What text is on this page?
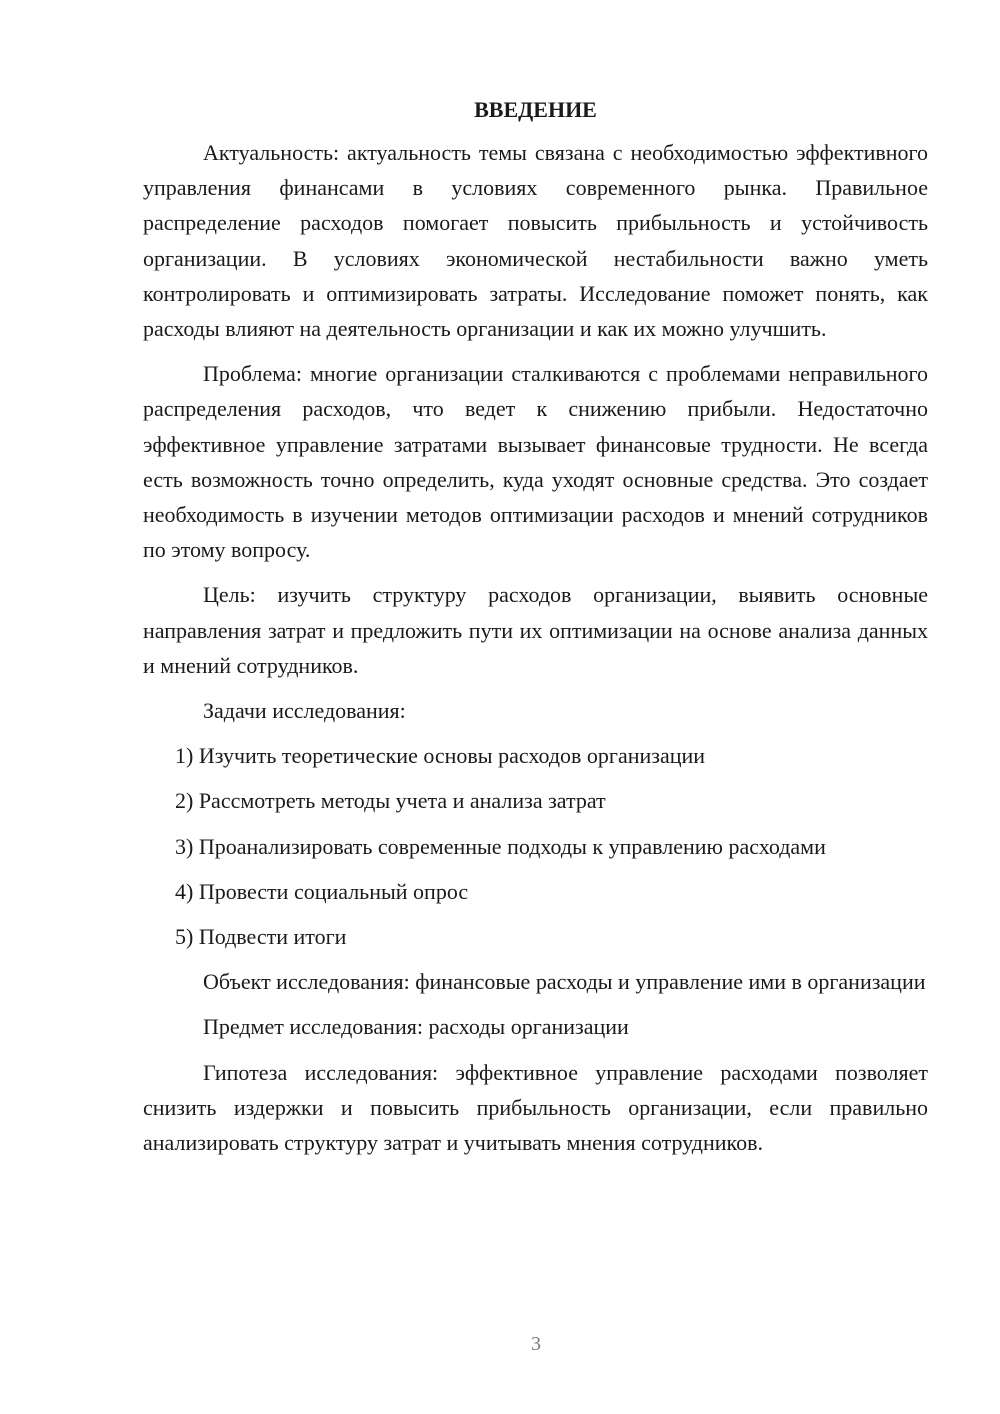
ВВЕДЕНИЕ

Актуальность: актуальность темы связана с необходимостью эффективного управления финансами в условиях современного рынка. Правильное распределение расходов помогает повысить прибыльность и устойчивость организации. В условиях экономической нестабильности важно уметь контролировать и оптимизировать затраты. Исследование поможет понять, как расходы влияют на деятельность организации и как их можно улучшить.

Проблема: многие организации сталкиваются с проблемами неправильного распределения расходов, что ведет к снижению прибыли. Недостаточно эффективное управление затратами вызывает финансовые трудности. Не всегда есть возможность точно определить, куда уходят основные средства. Это создает необходимость в изучении методов оптимизации расходов и мнений сотрудников по этому вопросу.

Цель: изучить структуру расходов организации, выявить основные направления затрат и предложить пути их оптимизации на основе анализа данных и мнений сотрудников.

Задачи исследования:

1) Изучить теоретические основы расходов организации
2) Рассмотреть методы учета и анализа затрат
3) Проанализировать современные подходы к управлению расходами
4) Провести социальный опрос
5) Подвести итоги

Объект исследования: финансовые расходы и управление ими в организации

Предмет исследования: расходы организации

Гипотеза исследования: эффективное управление расходами позволяет снизить издержки и повысить прибыльность организации, если правильно анализировать структуру затрат и учитывать мнения сотрудников.

3
